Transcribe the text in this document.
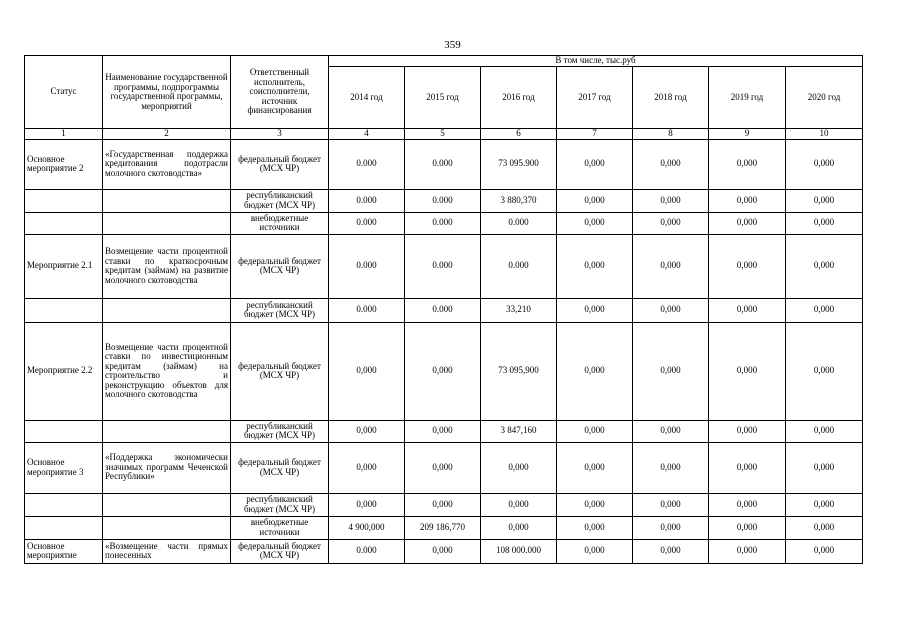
359
Статус	Наименование государственной программы, подпрограммы государственной программы, мероприятий	Ответственный исполнитель, соисполнители, источник финансирования	В том числе, тыс.руб						
			2014 год	2015 год	2016 год	2017 год	2018 год	2019 год	2020 год
1	2	3	4	5	6	7	8	9	10
Основное мероприятие 2	«Государственная поддержка кредитования подотрасли молочного скотоводства»	федеральный бюджет (МСХ ЧР)	0.000	0.000	73 095.900	0,000	0,000	0,000	0,000
		республиканский бюджет (МСХ ЧР)	0.000	0.000	3 880,370	0,000	0,000	0,000	0,000
		внебюджетные источники	0.000	0.000	0.000	0,000	0,000	0,000	0,000
Мероприятие 2.1	Возмещение части процентной ставки по краткосрочным кредитам (займам) на развитие молочного скотоводства	федеральный бюджет (МСХ ЧР)	0.000	0.000	0.000	0,000	0,000	0,000	0,000
		республиканский бюджет (МСХ ЧР)	0.000	0.000	33,210	0,000	0,000	0,000	0,000
Мероприятие 2.2	Возмещение части процентной ставки по инвестиционным кредитам (займам) на строительство и реконструкцию объектов для молочного скотоводства	федеральный бюджет (МСХ ЧР)	0,000	0,000	73 095,900	0,000	0,000	0,000	0,000
		республиканский бюджет (МСХ ЧР)	0,000	0,000	3 847,160	0,000	0,000	0,000	0,000
Основное мероприятие 3	«Поддержка экономически значимых программ Чеченской Республики»	федеральный бюджет (МСХ ЧР)	0,000	0,000	0,000	0,000	0,000	0,000	0,000
		республиканский бюджет (МСХ ЧР)	0,000	0,000	0,000	0,000	0,000	0,000	0,000
		внебюджетные источники	4 900,000	209 186,770	0,000	0,000	0,000	0,000	0,000
Основное мероприятие	«Возмещение части прямых понесенных	федеральный бюджет (МСХ ЧР)	0.000	0,000	108 000.000	0,000	0,000	0,000	0,000
